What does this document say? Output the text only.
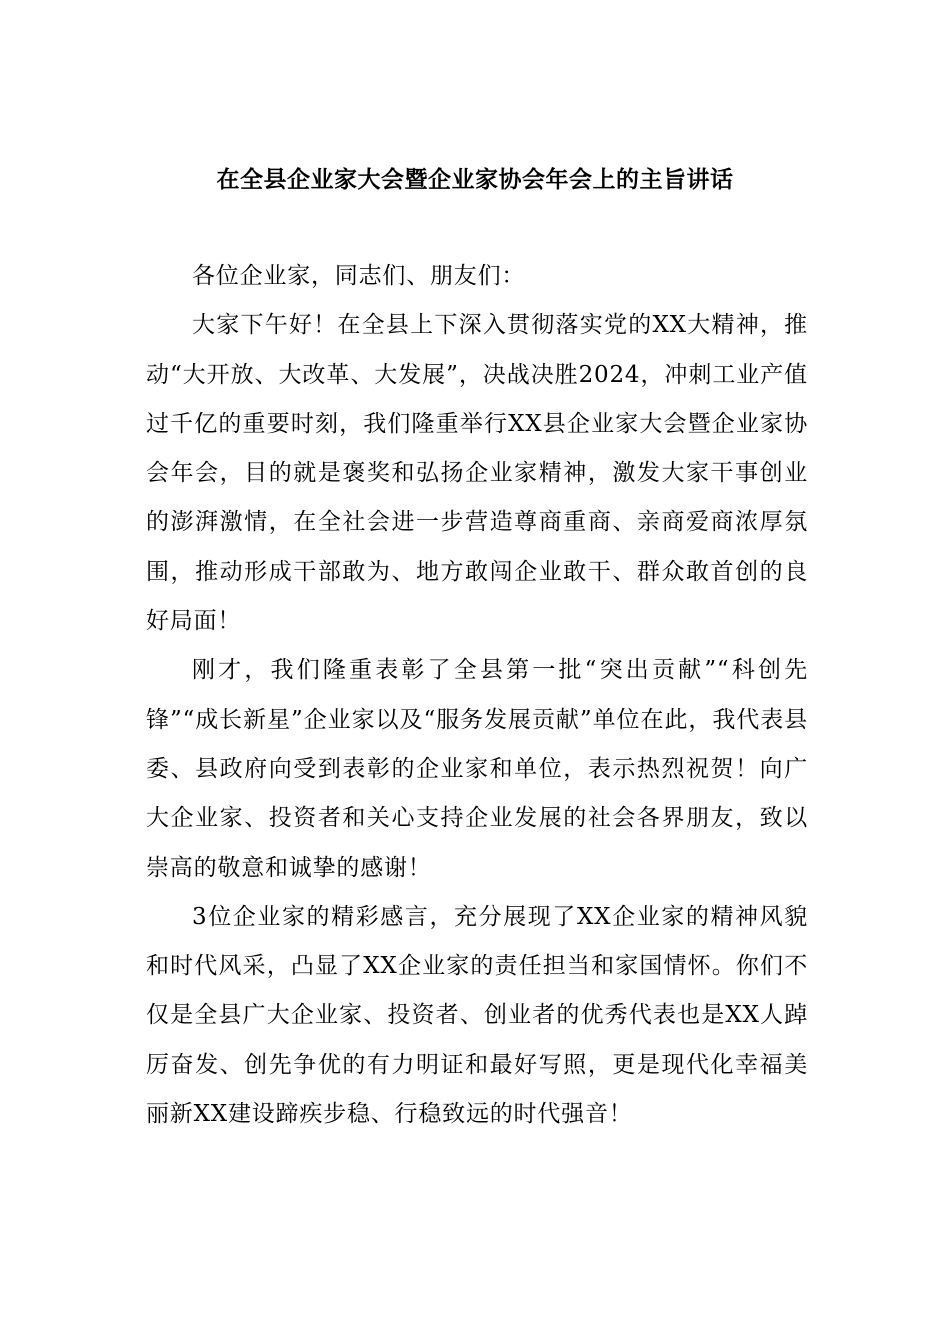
在全县企业家大会暨企业家协会年会上的主旨讲话

各位企业家，同志们、朋友们：

大家下午好！在全县上下深入贯彻落实党的XX大精神，推动“大开放、大改革、大发展”，决战决胜2024，冲刺工业产值过千亿的重要时刻，我们隆重举行XX县企业家大会暨企业家协会年会，目的就是褒奖和弘扬企业家精神，激发大家干事创业的澎湃激情，在全社会进一步营造尊商重商、亲商爱商浓厚氛围，推动形成干部敢为、地方敢闯企业敢干、群众敢首创的良好局面！

刚才，我们隆重表彰了全县第一批“突出贡献”“科创先锋”“成长新星”企业家以及“服务发展贡献”单位在此，我代表县委、县政府向受到表彰的企业家和单位，表示热烈祝贺！向广大企业家、投资者和关心支持企业发展的社会各界朋友，致以崇高的敬意和诚挚的感谢！

3位企业家的精彩感言，充分展现了XX企业家的精神风貌和时代风采，凸显了XX企业家的责任担当和家国情怀。你们不仅是全县广大企业家、投资者、创业者的优秀代表也是XX人踔厉奋发、创先争优的有力明证和最好写照，更是现代化幸福美丽新XX建设蹄疾步稳、行稳致远的时代强音！
